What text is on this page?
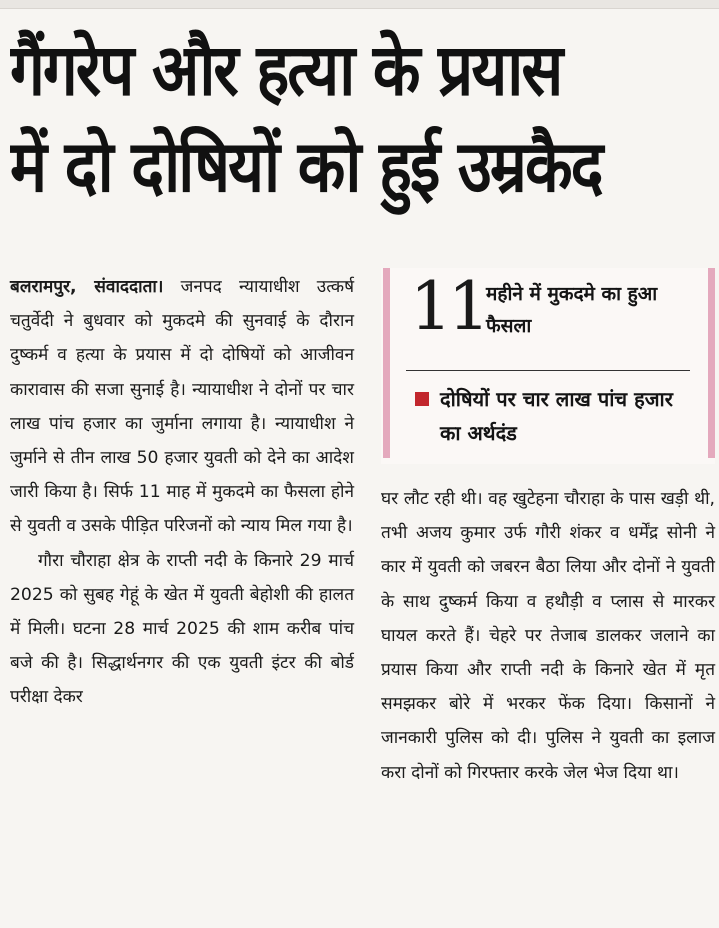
गैंगरेप और हत्या के प्रयास
में दो दोषियों को हुई उम्रकैद

बलरामपुर, संवाददाता। जनपद न्यायाधीश उत्कर्ष चतुर्वेदी ने बुधवार को मुकदमे की सुनवाई के दौरान दुष्कर्म व हत्या के प्रयास में दो दोषियों को आजीवन कारावास की सजा सुनाई है। न्यायाधीश ने दोनों पर चार लाख पांच हजार का जुर्माना लगाया है। न्यायाधीश ने जुर्माने से तीन लाख 50 हजार युवती को देने का आदेश जारी किया है। सिर्फ 11 माह में मुकदमे का फैसला होने से युवती व उसके पीड़ित परिजनों को न्याय मिल गया है।

गौरा चौराहा क्षेत्र के राप्ती नदी के किनारे 29 मार्च 2025 को सुबह गेहूं के खेत में युवती बेहोशी की हालत में मिली। घटना 28 मार्च 2025 की शाम करीब पांच बजे की है। सिद्धार्थनगर की एक युवती इंटर की बोर्ड परीक्षा देकर

11 महीने में मुकदमे का हुआ फैसला
दोषियों पर चार लाख पांच हजार का अर्थदंड

घर लौट रही थी। वह खुटेहना चौराहा के पास खड़ी थी, तभी अजय कुमार उर्फ गौरी शंकर व धर्मेंद्र सोनी ने कार में युवती को जबरन बैठा लिया और दोनों ने युवती के साथ दुष्कर्म किया व हथौड़ी व प्लास से मारकर घायल करते हैं। चेहरे पर तेजाब डालकर जलाने का प्रयास किया और राप्ती नदी के किनारे खेत में मृत समझकर बोरे में भरकर फेंक दिया। किसानों ने जानकारी पुलिस को दी। पुलिस ने युवती का इलाज करा दोनों को गिरफ्तार करके जेल भेज दिया था।
